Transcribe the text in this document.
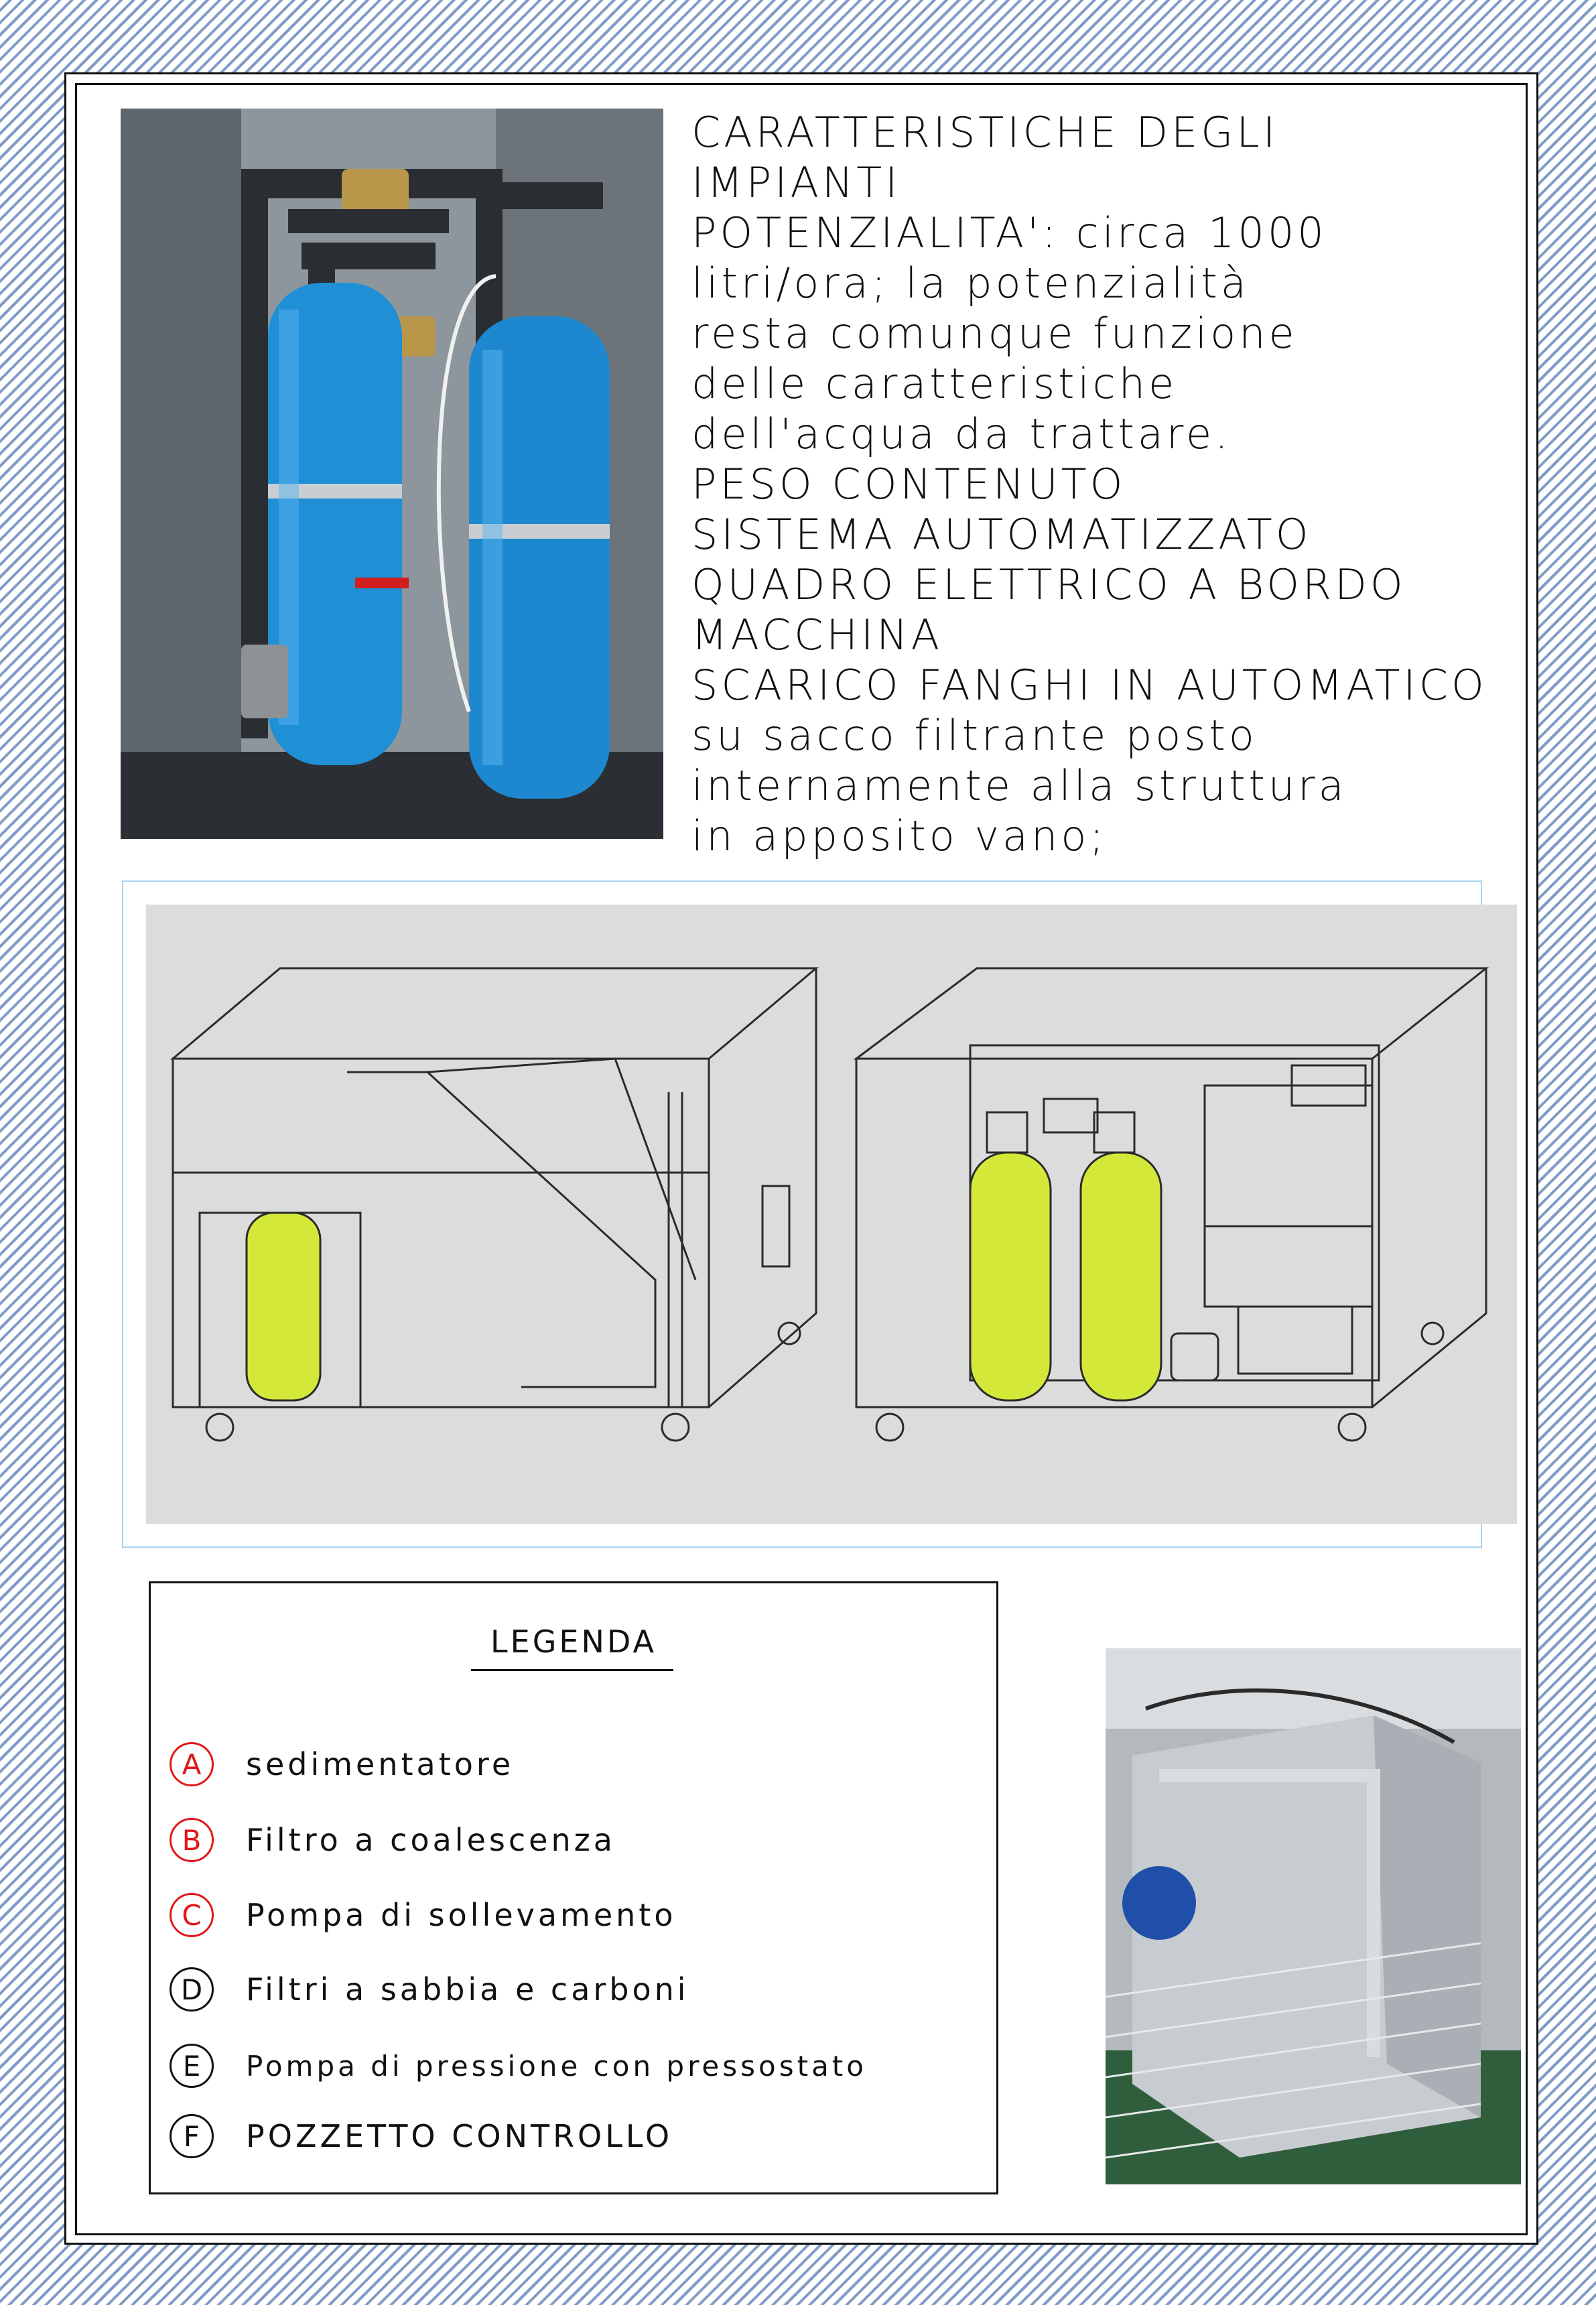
CARATTERISTICHE DEGLI
IMPIANTI
POTENZIALITA': circa 1000
litri/ora; la potenzialità
resta comunque funzione
delle caratteristiche
dell'acqua da trattare.
PESO CONTENUTO
SISTEMA AUTOMATIZZATO
QUADRO ELETTRICO A BORDO
MACCHINA
SCARICO FANGHI IN AUTOMATICO
su sacco filtrante posto
internamente alla struttura
in apposito vano;
LEGENDA
A	sedimentatore
B	Filtro a coalescenza
C	Pompa di sollevamento
D	Filtri a sabbia e carboni
E	Pompa di pressione con pressostato
F	POZZETTO CONTROLLO
